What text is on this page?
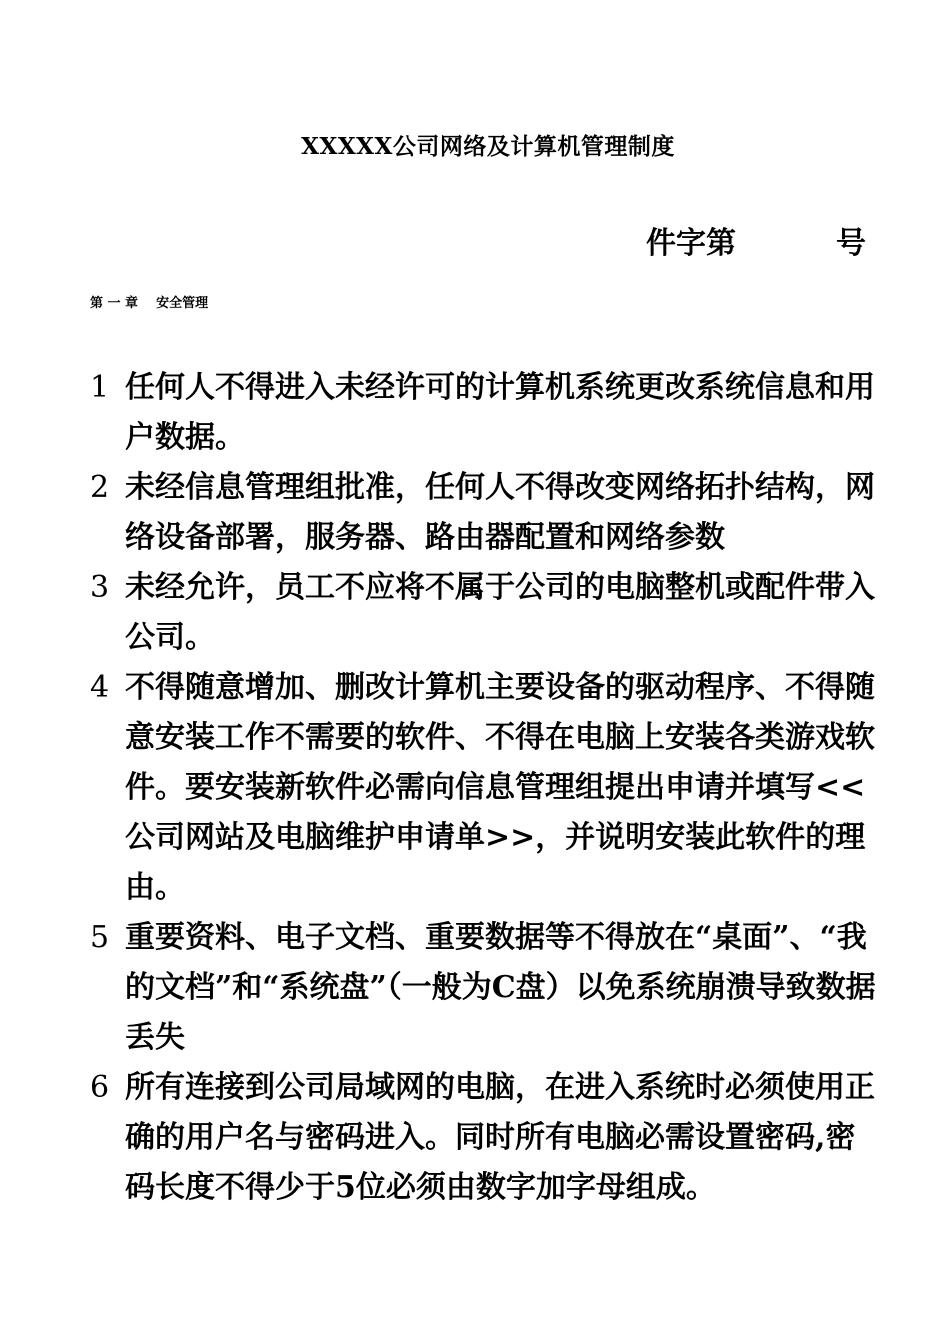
XXXXX公司网络及计算机管理制度
件字第	号
第 一 章 安全管理
1 任何人不得进入未经许可的计算机系统更改系统信息和用户数据。
2 未经信息管理组批准，任何人不得改变网络拓扑结构，网络设备部署，服务器、路由器配置和网络参数
3 未经允许，员工不应将不属于公司的电脑整机或配件带入公司。
4 不得随意增加、删改计算机主要设备的驱动程序、不得随意安装工作不需要的软件、不得在电脑上安装各类游戏软件。要安装新软件必需向信息管理组提出申请并填写<<公司网站及电脑维护申请单>>，并说明安装此软件的理由。
5 重要资料、电子文档、重要数据等不得放在“桌面”、“我的文档”和“系统盘”（一般为C盘）以免系统崩溃导致数据丢失
6 所有连接到公司局域网的电脑，在进入系统时必须使用正确的用户名与密码进入。同时所有电脑必需设置密码,密码长度不得少于5位必须由数字加字母组成。
